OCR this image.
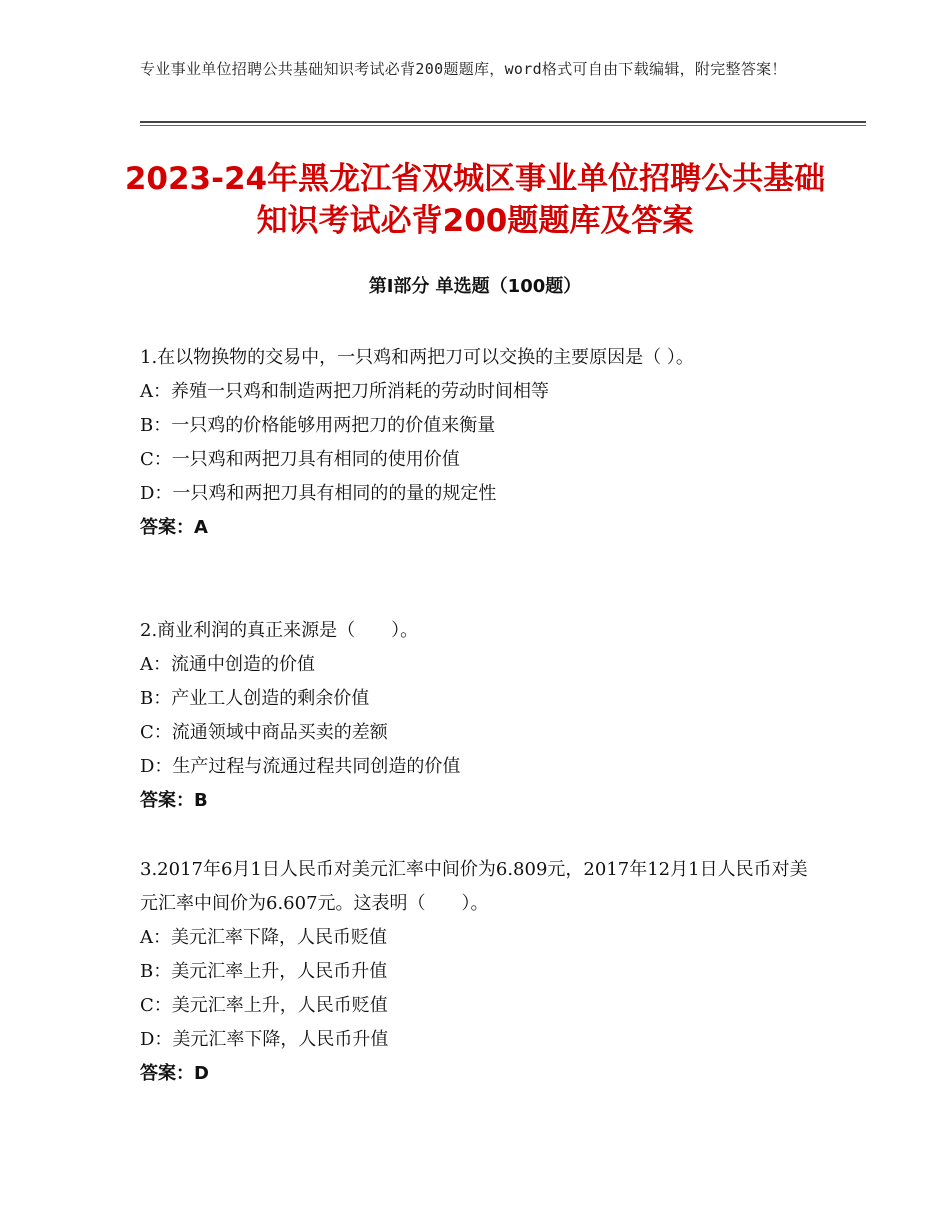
专业事业单位招聘公共基础知识考试必背200题题库，word格式可自由下载编辑，附完整答案！
2023-24年黑龙江省双城区事业单位招聘公共基础知识考试必背200题题库及答案
第Ⅰ部分 单选题（100题）

1.在以物换物的交易中，一只鸡和两把刀可以交换的主要原因是（ ）。

A：养殖一只鸡和制造两把刀所消耗的劳动时间相等

B：一只鸡的价格能够用两把刀的价值来衡量

C：一只鸡和两把刀具有相同的使用价值

D：一只鸡和两把刀具有相同的的量的规定性

答案：A

2.商业利润的真正来源是（　　）。

A：流通中创造的价值

B：产业工人创造的剩余价值

C：流通领域中商品买卖的差额

D：生产过程与流通过程共同创造的价值

答案：B

3.2017年6月1日人民币对美元汇率中间价为6.809元，2017年12月1日人民币对美元汇率中间价为6.607元。这表明（　　）。

A：美元汇率下降，人民币贬值

B：美元汇率上升，人民币升值

C：美元汇率上升，人民币贬值

D：美元汇率下降，人民币升值

答案：D
